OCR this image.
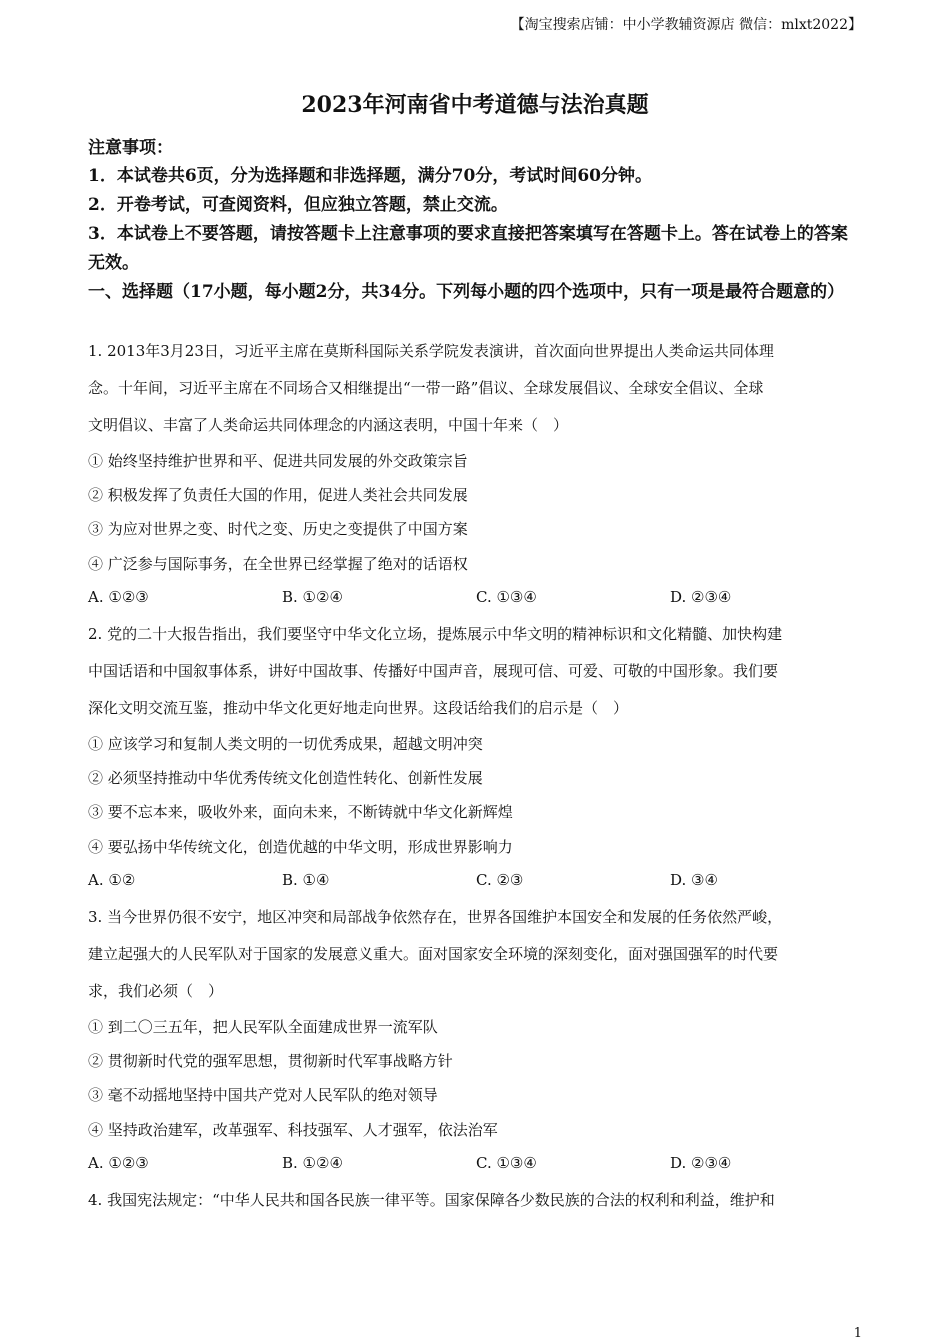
【淘宝搜索店铺：中小学教辅资源店 微信：mlxt2022】
2023年河南省中考道德与法治真题
注意事项：
1．本试卷共6页，分为选择题和非选择题，满分70分，考试时间60分钟。
2．开卷考试，可查阅资料，但应独立答题，禁止交流。
3．本试卷上不要答题，请按答题卡上注意事项的要求直接把答案填写在答题卡上。答在试卷上的答案无效。
一、选择题（17小题，每小题2分，共34分。下列每小题的四个选项中，只有一项是最符合题意的）
1. 2013年3月23日，习近平主席在莫斯科国际关系学院发表演讲，首次面向世界提出人类命运共同体理
念。十年间，习近平主席在不同场合又相继提出“一带一路”倡议、全球发展倡议、全球安全倡议、全球
文明倡议、丰富了人类命运共同体理念的内涵这表明，中国十年来（　）
① 始终坚持维护世界和平、促进共同发展的外交政策宗旨
② 积极发挥了负责任大国的作用，促进人类社会共同发展
③ 为应对世界之变、时代之变、历史之变提供了中国方案
④ 广泛参与国际事务，在全世界已经掌握了绝对的话语权
A. ①②③	B. ①②④	C. ①③④	D. ②③④
2. 党的二十大报告指出，我们要坚守中华文化立场，提炼展示中华文明的精神标识和文化精髓、加快构建
中国话语和中国叙事体系，讲好中国故事、传播好中国声音，展现可信、可爱、可敬的中国形象。我们要
深化文明交流互鉴，推动中华文化更好地走向世界。这段话给我们的启示是（　）
① 应该学习和复制人类文明的一切优秀成果，超越文明冲突
② 必须坚持推动中华优秀传统文化创造性转化、创新性发展
③ 要不忘本来，吸收外来，面向未来，不断铸就中华文化新辉煌
④ 要弘扬中华传统文化，创造优越的中华文明，形成世界影响力
A. ①②	B. ①④	C. ②③	D. ③④
3. 当今世界仍很不安宁，地区冲突和局部战争依然存在，世界各国维护本国安全和发展的任务依然严峻，
建立起强大的人民军队对于国家的发展意义重大。面对国家安全环境的深刻变化，面对强国强军的时代要
求，我们必须（　）
① 到二〇三五年，把人民军队全面建成世界一流军队
② 贯彻新时代党的强军思想，贯彻新时代军事战略方针
③ 毫不动摇地坚持中国共产党对人民军队的绝对领导
④ 坚持政治建军，改革强军、科技强军、人才强军，依法治军
A. ①②③	B. ①②④	C. ①③④	D. ②③④
4. 我国宪法规定：“中华人民共和国各民族一律平等。国家保障各少数民族的合法的权利和利益，维护和
1
